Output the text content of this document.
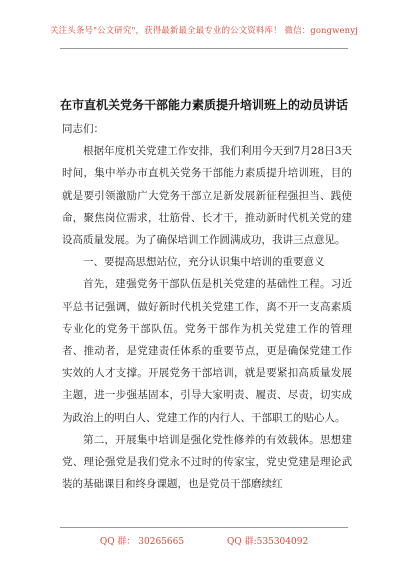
关注头条号"公文研究"，获得最新最全最专业的公文资料库！ 微信：gongwenyj
在市直机关党务干部能力素质提升培训班上的动员讲话

同志们：

根据年度机关党建工作安排，我们利用今天到7月28日3天时间，集中举办市直机关党务干部能力素质提升培训班，目的就是要引领激励广大党务干部立足新发展新征程强担当、践使命，聚焦岗位需求，壮筋骨、长才干，推动新时代机关党的建设高质量发展。为了确保培训工作圆满成功，我讲三点意见。

一、要提高思想站位，充分认识集中培训的重要意义

首先，建强党务干部队伍是机关党建的基础性工程。习近平总书记强调，做好新时代机关党建工作，离不开一支高素质专业化的党务干部队伍。党务干部作为机关党建工作的管理者、推动者，是党建责任体系的重要节点，更是确保党建工作实效的人才支撑。开展党务干部培训，就是要紧扣高质量发展主题，进一步强基固本，引导大家明责、履责、尽责，切实成为政治上的明白人、党建工作的内行人、干部职工的贴心人。

第二，开展集中培训是强化党性修养的有效载体。思想建党、理论强党是我们党永不过时的传家宝，党史党建是理论武装的基础课目和终身课题，也是党员干部磨续红

QQ 群： 30265665	QQ 群:535304092
